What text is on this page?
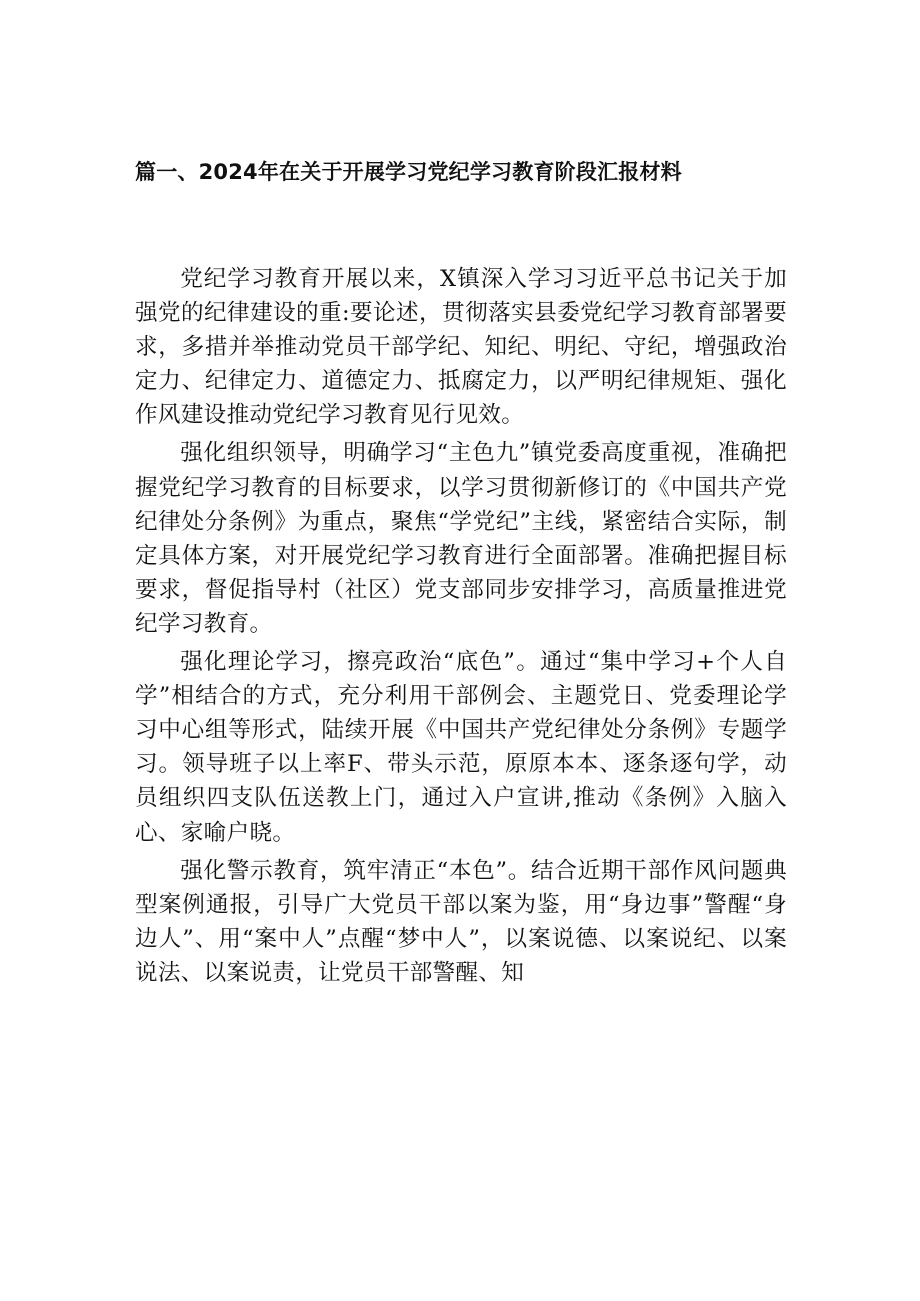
篇一、2024年在关于开展学习党纪学习教育阶段汇报材料

党纪学习教育开展以来，X镇深入学习习近平总书记关于加强党的纪律建设的重:要论述，贯彻落实县委党纪学习教育部署要求，多措并举推动党员干部学纪、知纪、明纪、守纪，增强政治定力、纪律定力、道德定力、抵腐定力，以严明纪律规矩、强化作风建设推动党纪学习教育见行见效。

强化组织领导，明确学习“主色九”镇党委高度重视，准确把握党纪学习教育的目标要求，以学习贯彻新修订的《中国共产党纪律处分条例》为重点，聚焦“学党纪”主线，紧密结合实际，制定具体方案，对开展党纪学习教育进行全面部署。准确把握目标要求，督促指导村（社区）党支部同步安排学习，高质量推进党纪学习教育。

强化理论学习，擦亮政治“底色”。通过“集中学习+个人自学”相结合的方式，充分利用干部例会、主题党日、党委理论学习中心组等形式，陆续开展《中国共产党纪律处分条例》专题学习。领导班子以上率F、带头示范，原原本本、逐条逐句学，动员组织四支队伍送教上门，通过入户宣讲,推动《条例》入脑入心、家喻户晓。

强化警示教育，筑牢清正“本色”。结合近期干部作风问题典型案例通报，引导广大党员干部以案为鉴，用“身边事”警醒“身边人”、用“案中人”点醒“梦中人”，以案说德、以案说纪、以案说法、以案说责，让党员干部警醒、知
